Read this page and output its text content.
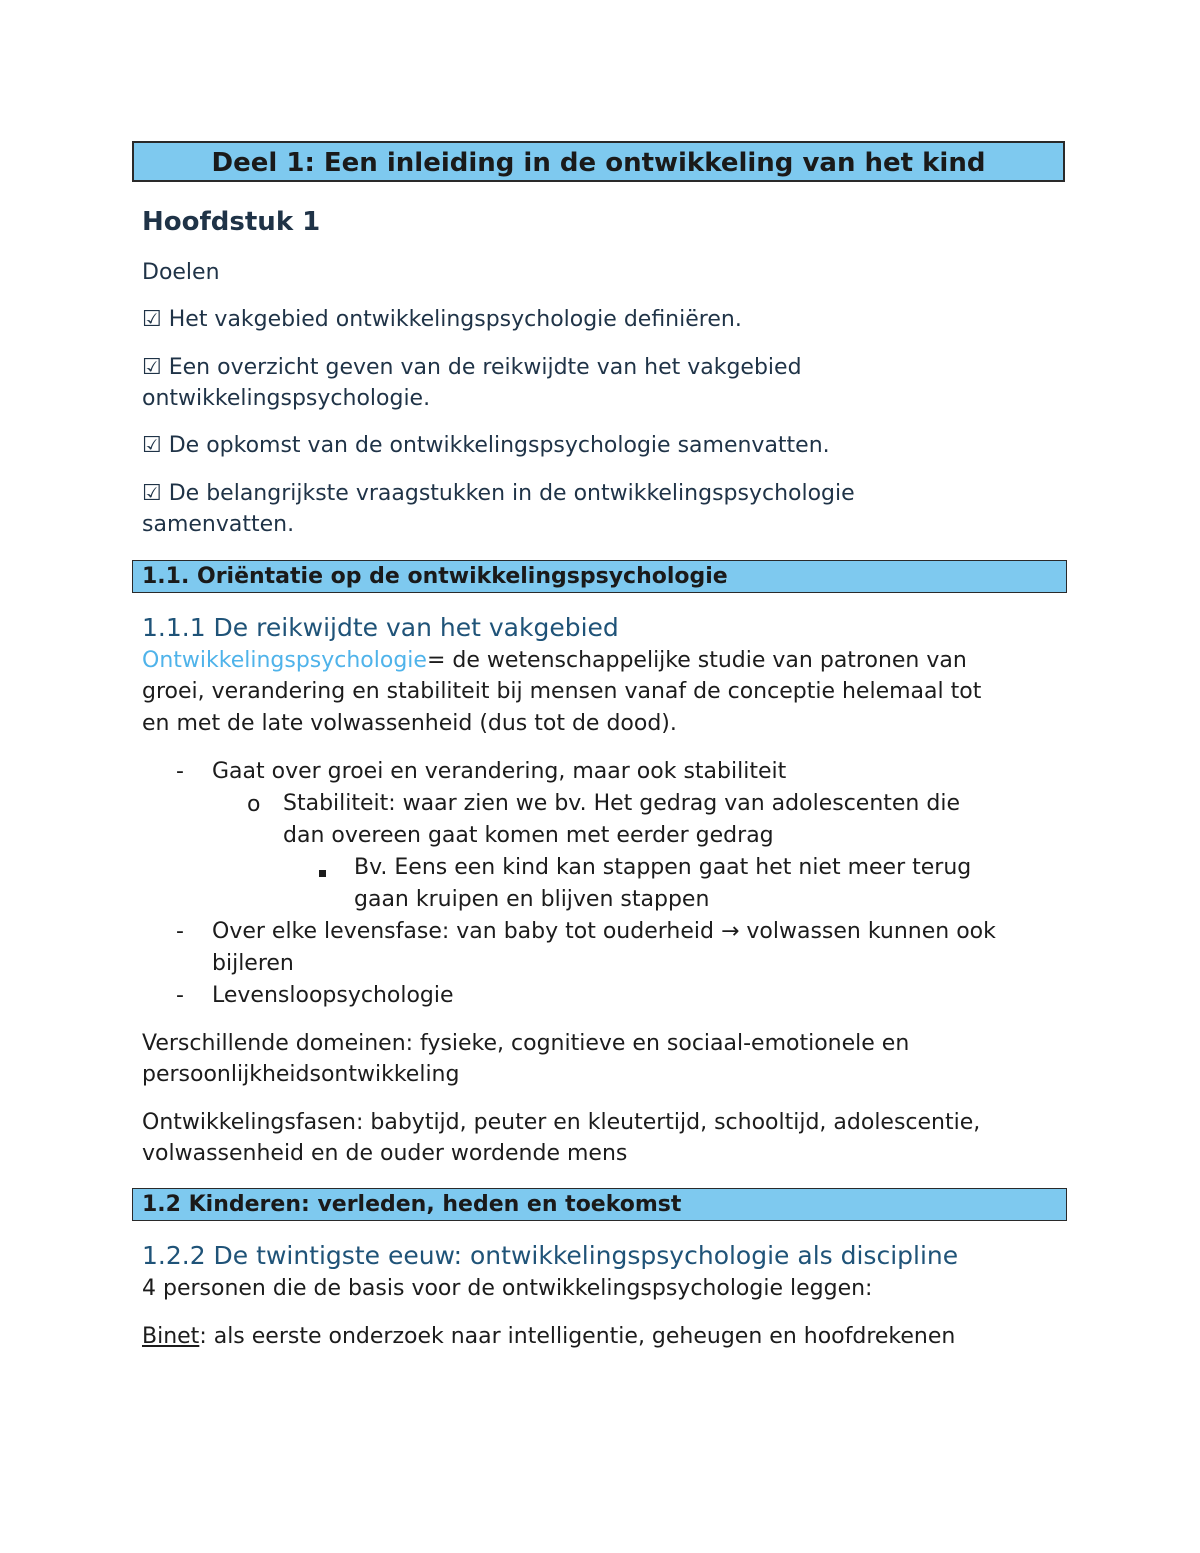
Deel 1: Een inleiding in de ontwikkeling van het kind
Hoofdstuk 1
Doelen
☑ Het vakgebied ontwikkelingspsychologie definiëren.
☑ Een overzicht geven van de reikwijdte van het vakgebied
ontwikkelingspsychologie.
☑ De opkomst van de ontwikkelingspsychologie samenvatten.
☑ De belangrijkste vraagstukken in de ontwikkelingspsychologie
samenvatten.
1.1. Oriëntatie op de ontwikkelingspsychologie
1.1.1 De reikwijdte van het vakgebied
Ontwikkelingspsychologie= de wetenschappelijke studie van patronen van
groei, verandering en stabiliteit bij mensen vanaf de conceptie helemaal tot
en met de late volwassenheid (dus tot de dood).
- Gaat over groei en verandering, maar ook stabiliteit
o Stabiliteit: waar zien we bv. Het gedrag van adolescenten die
dan overeen gaat komen met eerder gedrag
Bv. Eens een kind kan stappen gaat het niet meer terug
gaan kruipen en blijven stappen
- Over elke levensfase: van baby tot ouderheid → volwassen kunnen ook
bijleren
- Levensloopsychologie
Verschillende domeinen: fysieke, cognitieve en sociaal-emotionele en
persoonlijkheidsontwikkeling
Ontwikkelingsfasen: babytijd, peuter en kleutertijd, schooltijd, adolescentie,
volwassenheid en de ouder wordende mens
1.2 Kinderen: verleden, heden en toekomst
1.2.2 De twintigste eeuw: ontwikkelingspsychologie als discipline
4 personen die de basis voor de ontwikkelingspsychologie leggen:
Binet: als eerste onderzoek naar intelligentie, geheugen en hoofdrekenen
